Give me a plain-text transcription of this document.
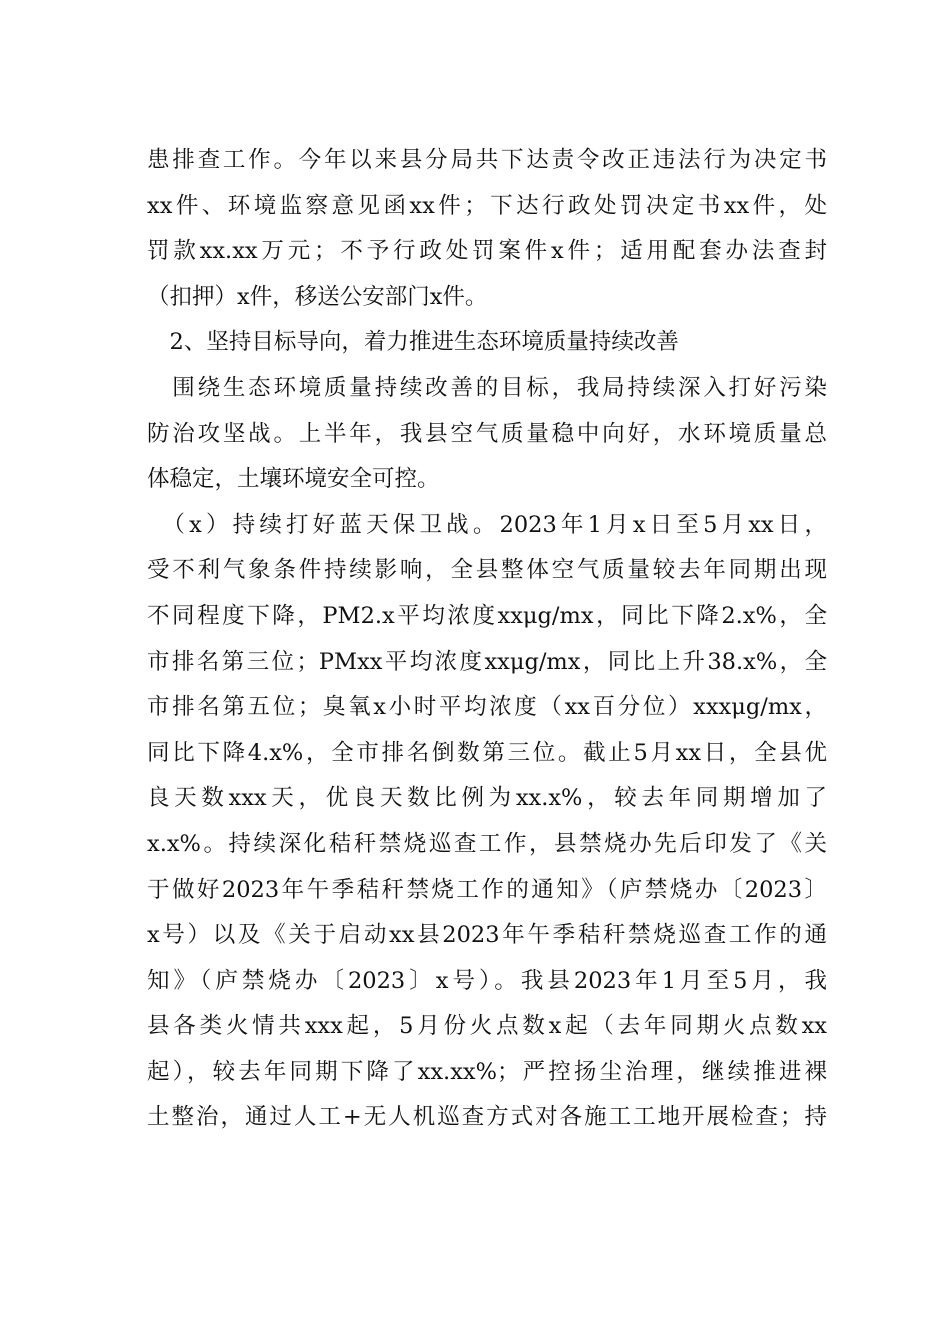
患排查工作。今年以来县分局共下达责令改正违法行为决定书
xx件、环境监察意见函xx件；下达行政处罚决定书xx件，处
罚款xx.xx万元；不予行政处罚案件x件；适用配套办法查封
（扣押）x件，移送公安部门x件。
　2、坚持目标导向，着力推进生态环境质量持续改善
　围绕生态环境质量持续改善的目标，我局持续深入打好污染
防治攻坚战。上半年，我县空气质量稳中向好，水环境质量总
体稳定，土壤环境安全可控。
　（x）持续打好蓝天保卫战。2023年1月x日至5月xx日，
受不利气象条件持续影响，全县整体空气质量较去年同期出现
不同程度下降，PM2.x平均浓度xxμg/mx，同比下降2.x%，全
市排名第三位；PMxx平均浓度xxμg/mx，同比上升38.x%，全
市排名第五位；臭氧x小时平均浓度（xx百分位）xxxμg/mx，
同比下降4.x%，全市排名倒数第三位。截止5月xx日，全县优
良天数xxx天，优良天数比例为xx.x%，较去年同期增加了
x.x%。持续深化秸秆禁烧巡查工作，县禁烧办先后印发了《关
于做好2023年午季秸秆禁烧工作的通知》（庐禁烧办〔2023〕
x号）以及《关于启动xx县2023年午季秸秆禁烧巡查工作的通
知》（庐禁烧办〔2023〕x号）。我县2023年1月至5月，我
县各类火情共xxx起，5月份火点数x起（去年同期火点数xx
起），较去年同期下降了xx.xx%；严控扬尘治理，继续推进裸
土整治，通过人工+无人机巡查方式对各施工工地开展检查；持
